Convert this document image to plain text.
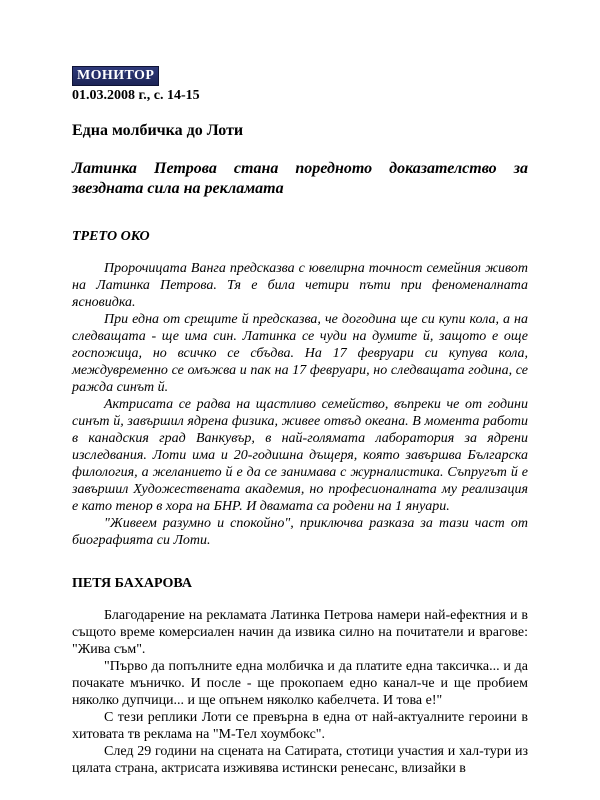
МОНИТОР
01.03.2008 г., с. 14-15
Една молбичка до Лоти
Латинка Петрова стана поредното доказателство за звездната сила на рекламата
ТРЕТО ОКО

Пророчицата Ванга предсказва с ювелирна точност семейния живот на Латинка Петрова. Тя е била четири пъти при феноменалната ясновидка.

При една от срещите й предсказва, че догодина ще си купи кола, а на следващата - ще има син. Латинка се чуди на думите й, защото е още госпожица, но всичко се сбъдва. На 17 февруари си купува кола, междувременно се омъжва и пак на 17 февруари, но следващата година, се ражда синът й.

Актрисата се радва на щастливо семейство, въпреки че от години синът й, завършил ядрена физика, живее отвъд океана. В момента работи в канадския град Ванкувър, в най-голямата лаборатория за ядрени изследвания. Лоти има и 20-годишна дъщеря, която завършва Българска филология, а желанието й е да се занимава с журналистика. Съпругът й е завършил Художествената академия, но професионалната му реализация е като тенор в хора на БНР. И двамата са родени на 1 януари.

"Живеем разумно и спокойно", приключва разказа за тази част от биографията си Лоти.

ПЕТЯ БАХАРОВА

Благодарение на рекламата Латинка Петрова намери най-ефектния и в същото време комерсиален начин да извика силно на почитатели и врагове: "Жива съм".

"Първо да попълните една молбичка и да платите една таксичка... и да почакате мъничко. И после - ще прокопаем едно канал-че и ще пробием няколко дупчици... и ще опънем няколко кабелчета. И това е!"

С тези реплики Лоти се превърна в една от най-актуалните героини в хитовата тв реклама на "М-Тел хоумбокс".

След 29 години на сцената на Сатирата, стотици участия и хал-тури из цялата страна, актрисата изживява истински ренесанс, влизайки в
